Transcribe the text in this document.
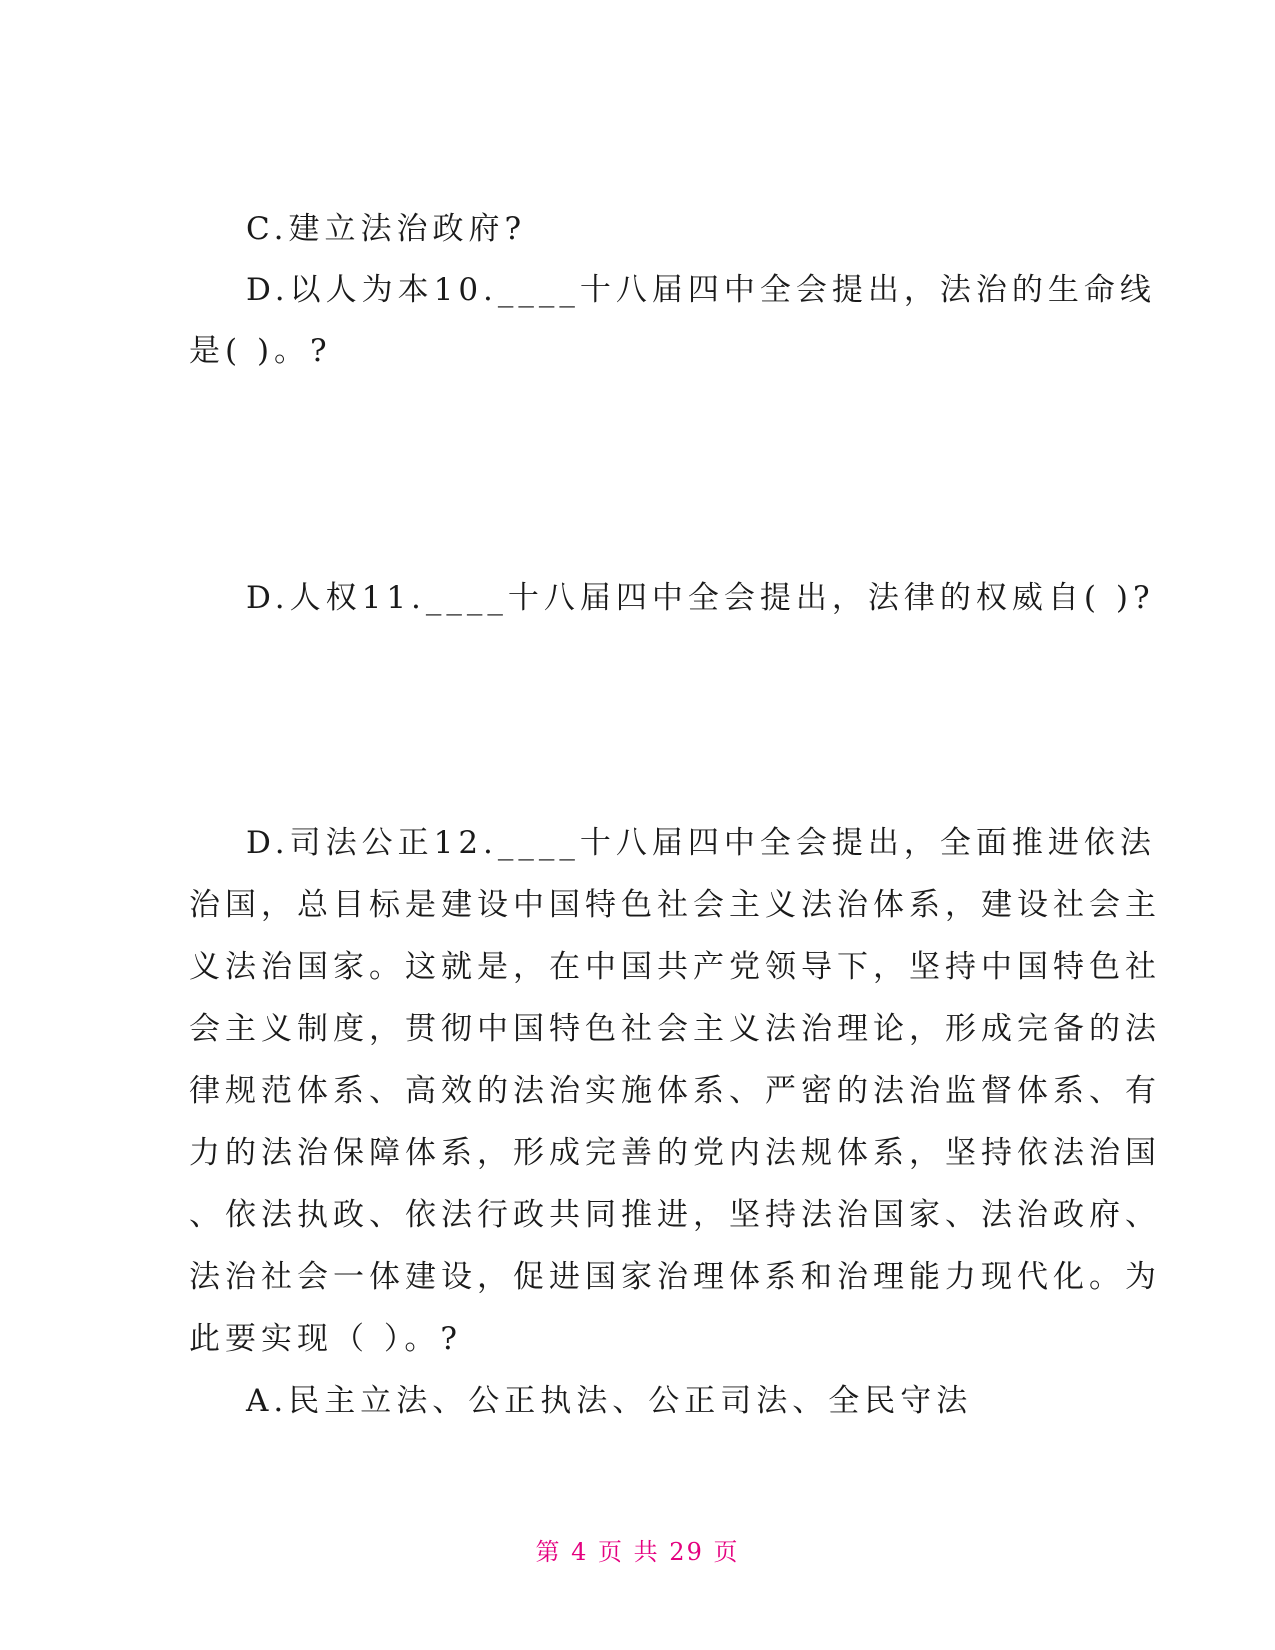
C.建立法治政府?
D.以人为本10.____十八届四中全会提出，法治的生命线
是( )。?
D.人权11.____十八届四中全会提出，法律的权威自( )?
D.司法公正12.____十八届四中全会提出，全面推进依法
治国，总目标是建设中国特色社会主义法治体系，建设社会主
义法治国家。这就是，在中国共产党领导下，坚持中国特色社
会主义制度，贯彻中国特色社会主义法治理论，形成完备的法
律规范体系、高效的法治实施体系、严密的法治监督体系、有
力的法治保障体系，形成完善的党内法规体系，坚持依法治国
、依法执政、依法行政共同推进，坚持法治国家、法治政府、
法治社会一体建设，促进国家治理体系和治理能力现代化。为
此要实现（ ）。?
A.民主立法、公正执法、公正司法、全民守法
第 4 页 共 29 页
